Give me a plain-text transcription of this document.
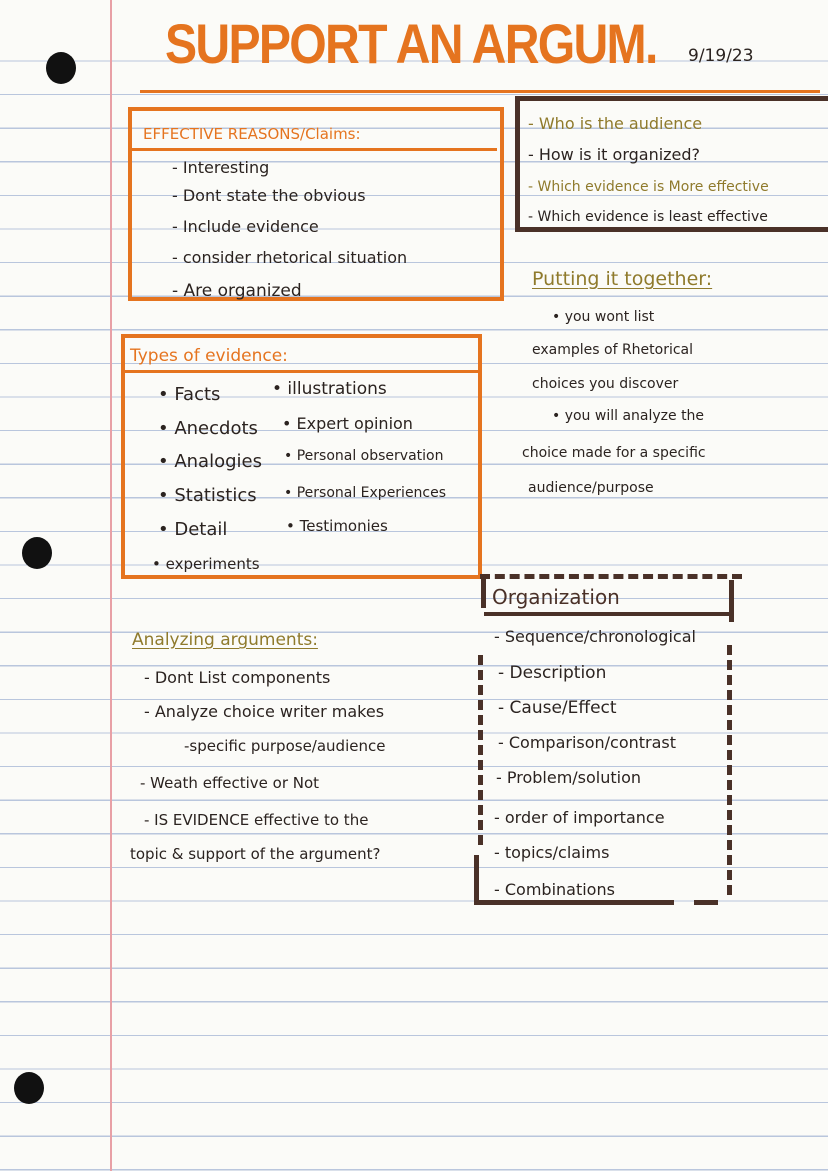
SUPPORT AN ARGUM. 9/19/23
EFFECTIVE REASONS/Claims:
- Interesting
- Dont state the obvious
- Include evidence
- consider rhetorical situation
- Are organized
- Who is the audience
- How is it organized?
- Which evidence is More effective
- Which evidence is least effective
Putting it together:
• you wont list
examples of Rhetorical
choices you discover
• you will analyze the
choice made for a specific
audience/purpose
Types of evidence:
• Facts
• Anecdots
• Analogies
• Statistics
• Detail
• illustrations
• Expert opinion
• Personal observation
• Personal Experiences
• Testimonies
• experiments
Analyzing arguments:
- Dont List components
- Analyze choice writer makes
-specific purpose/audience
- Weath effective or Not
- IS EVIDENCE effective to the
topic & support of the argument?
Organization
- Sequence/chronological
- Description
- Cause/Effect
- Comparison/contrast
- Problem/solution
- order of importance
- topics/claims
- Combinations
